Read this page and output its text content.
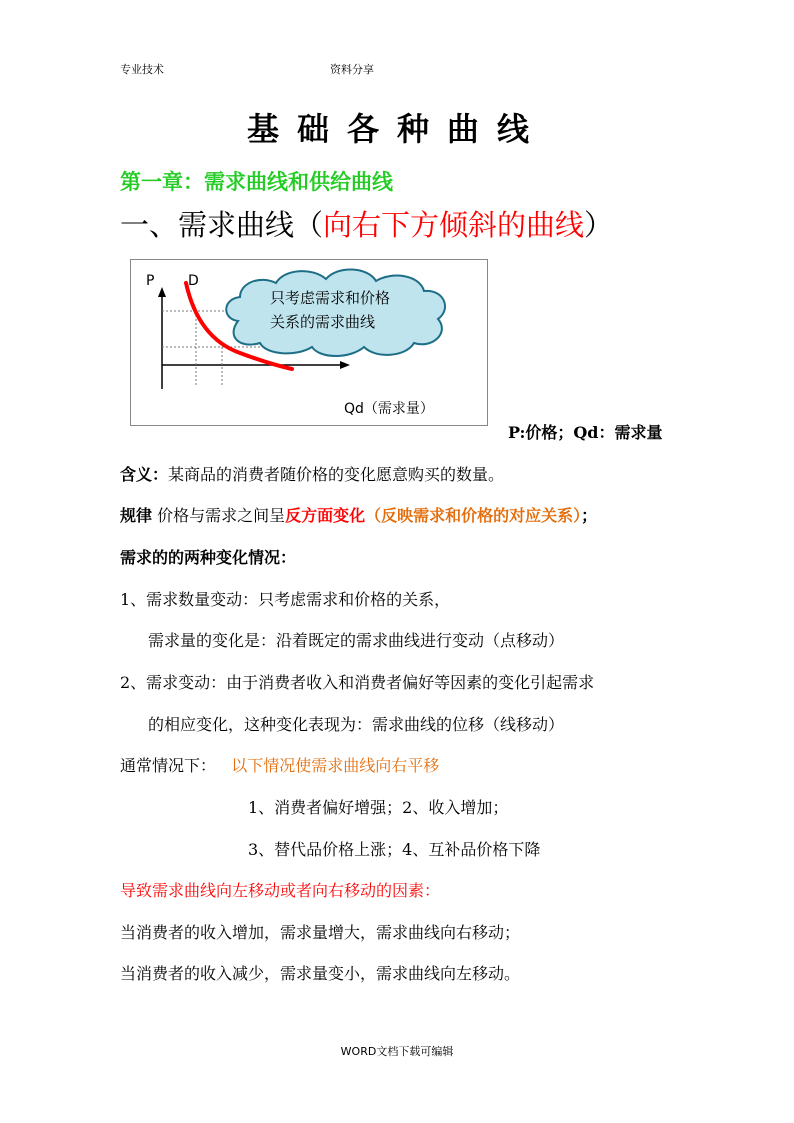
专业技术	资料分享
基础各种曲线
第一章：需求曲线和供给曲线
一、需求曲线（向右下方倾斜的曲线）
只考虑需求和价格
关系的需求曲线
P D
Qd（需求量）
P:价格；Qd：需求量
含义：某商品的消费者随价格的变化愿意购买的数量。
规律 价格与需求之间呈反方面变化（反映需求和价格的对应关系）；
需求的的两种变化情况：
1、需求数量变动：只考虑需求和价格的关系，
需求量的变化是：沿着既定的需求曲线进行变动（点移动）
2、需求变动：由于消费者收入和消费者偏好等因素的变化引起需求
的相应变化，这种变化表现为：需求曲线的位移（线移动）
通常情况下： 以下情况使需求曲线向右平移
1、消费者偏好增强；2、收入增加；
3、替代品价格上涨；4、互补品价格下降
导致需求曲线向左移动或者向右移动的因素：
当消费者的收入增加，需求量增大，需求曲线向右移动；
当消费者的收入减少，需求量变小，需求曲线向左移动。
WORD文档下载可编辑
